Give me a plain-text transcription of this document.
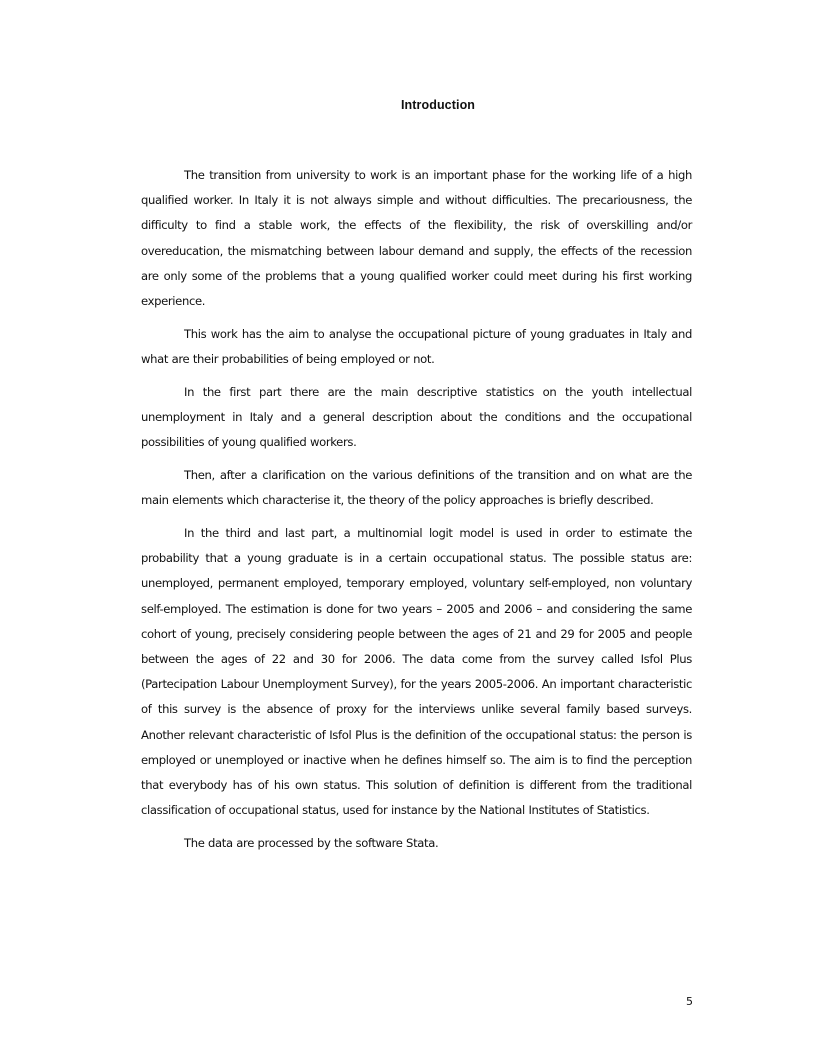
Introduction

The transition from university to work is an important phase for the working life of a high qualified worker. In Italy it is not always simple and without difficulties. The precariousness, the difficulty to find a stable work, the effects of the flexibility, the risk of overskilling and/or overeducation, the mismatching between labour demand and supply, the effects of the recession are only some of the problems that a young qualified worker could meet during his first working experience.

This work has the aim to analyse the occupational picture of young graduates in Italy and what are their probabilities of being employed or not.

In the first part there are the main descriptive statistics on the youth intellectual unemployment in Italy and a general description about the conditions and the occupational possibilities of young qualified workers.

Then, after a clarification on the various definitions of the transition and on what are the main elements which characterise it, the theory of the policy approaches is briefly described.

In the third and last part, a multinomial logit model is used in order to estimate the probability that a young graduate is in a certain occupational status. The possible status are: unemployed, permanent employed, temporary employed, voluntary self-employed, non voluntary self-employed. The estimation is done for two years – 2005 and 2006 – and considering the same cohort of young, precisely considering people between the ages of 21 and 29 for 2005 and people between the ages of 22 and 30 for 2006. The data come from the survey called Isfol Plus (Partecipation Labour Unemployment Survey), for the years 2005-2006. An important characteristic of this survey is the absence of proxy for the interviews unlike several family based surveys. Another relevant characteristic of Isfol Plus is the definition of the occupational status: the person is employed or unemployed or inactive when he defines himself so. The aim is to find the perception that everybody has of his own status. This solution of definition is different from the traditional classification of occupational status, used for instance by the National Institutes of Statistics.

The data are processed by the software Stata.

5
